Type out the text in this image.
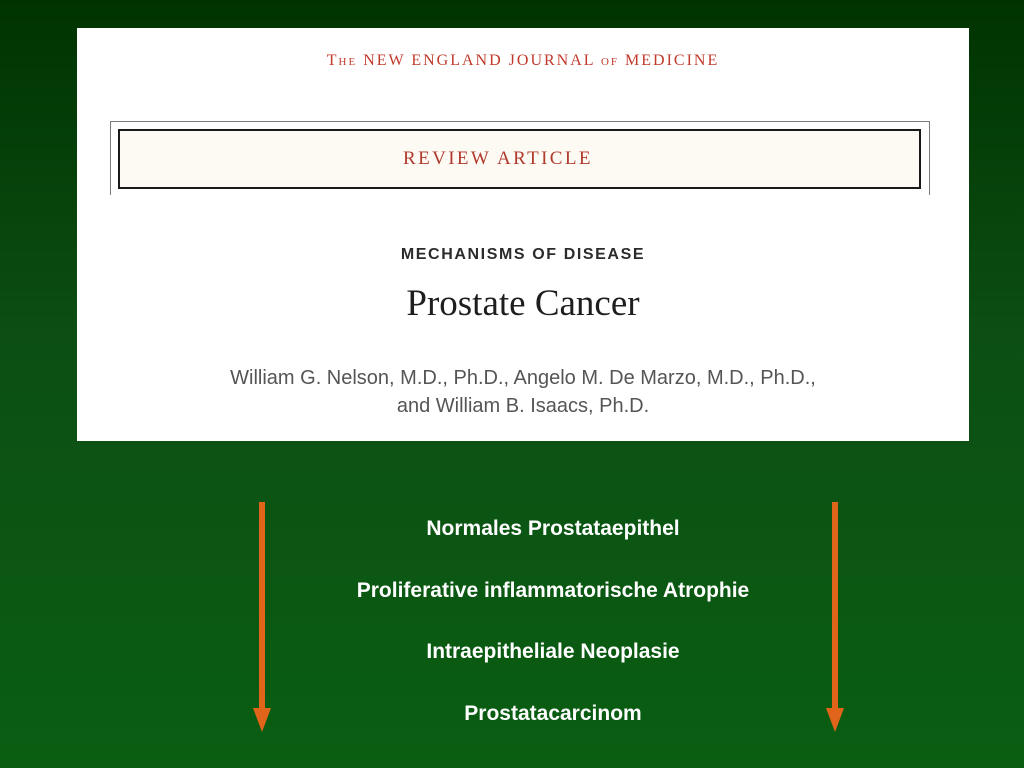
The NEW ENGLAND JOURNAL of MEDICINE
REVIEW ARTICLE
MECHANISMS OF DISEASE
Prostate Cancer
William G. Nelson, M.D., Ph.D., Angelo M. De Marzo, M.D., Ph.D.,
and William B. Isaacs, Ph.D.
Normales Prostataepithel
Proliferative inflammatorische Atrophie
Intraepitheliale Neoplasie
Prostatacarcinom
